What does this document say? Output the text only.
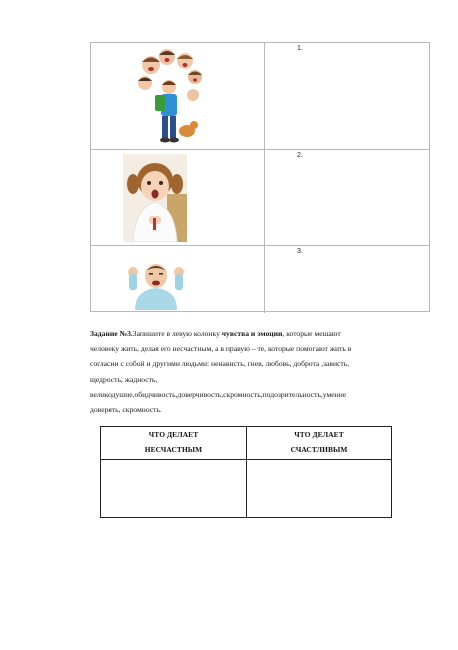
1.
2.
3.
Задание №3.Запишите в левую колонку чувства и эмоции, которые мешают
человеку жить, делая его несчастным, а в правую – те, которые помогают жить в
согласии с собой и другими людьми: ненависть, гнев, любовь, доброта ,зависть,
щедрость, жадность,
великодушие,обидчивость,доверчивость,скромность,подозрительность,умение
доверять, скромность.
ЧТО ДЕЛАЕТ
НЕСЧАСТНЫМ
ЧТО ДЕЛАЕТ
СЧАСТЛИВЫМ
